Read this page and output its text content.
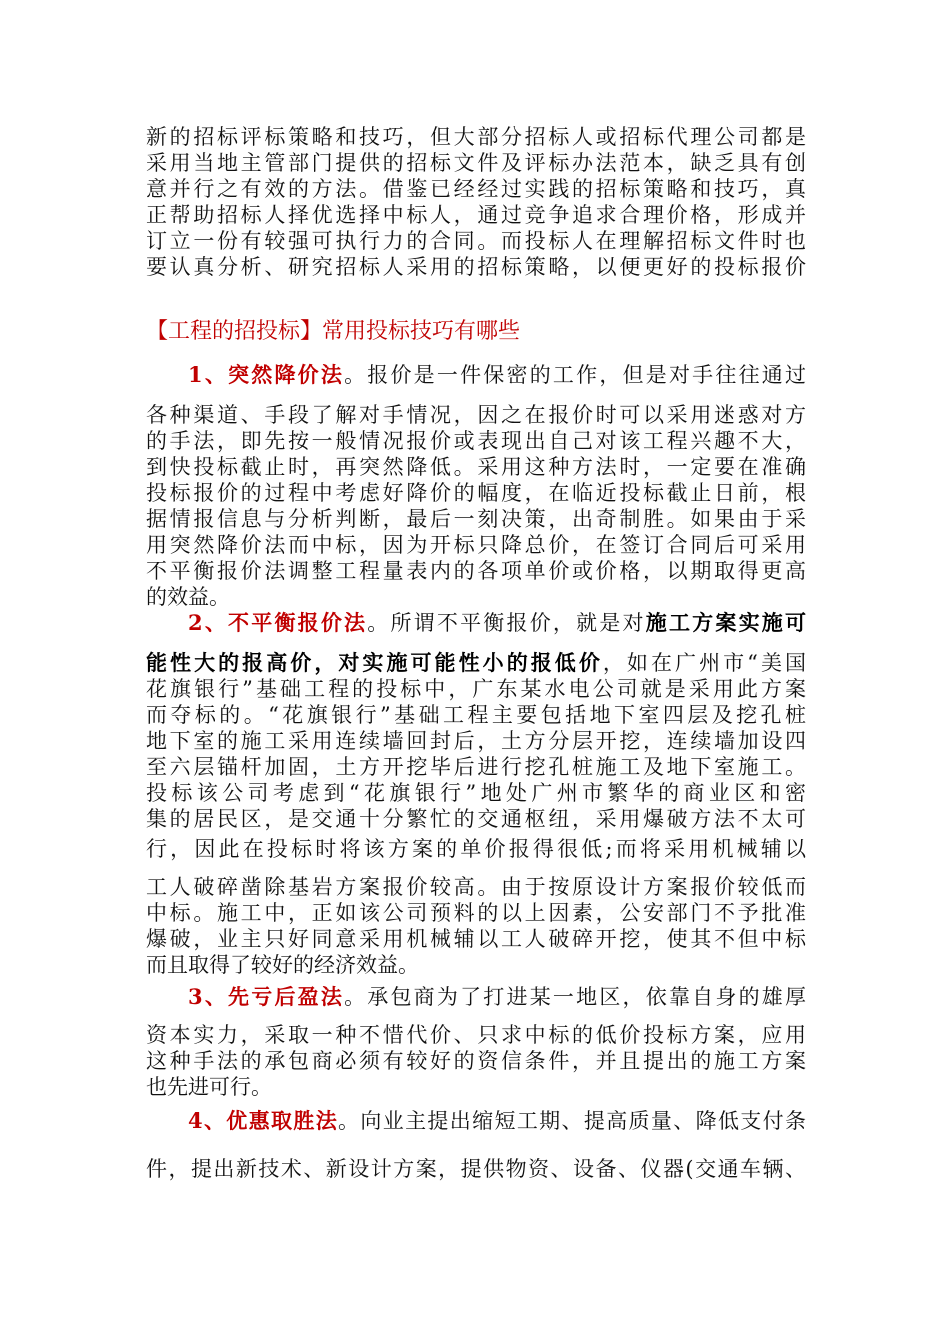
新的招标评标策略和技巧，但大部分招标人或招标代理公司都是
采用当地主管部门提供的招标文件及评标办法范本，缺乏具有创
意并行之有效的方法。借鉴已经经过实践的招标策略和技巧，真
正帮助招标人择优选择中标人，通过竞争追求合理价格，形成并
订立一份有较强可执行力的合同。而投标人在理解招标文件时也
要认真分析、研究招标人采用的招标策略，以便更好的投标报价
【工程的招投标】常用投标技巧有哪些
1、突然降价法。报价是一件保密的工作，但是对手往往通过
各种渠道、手段了解对手情况，因之在报价时可以采用迷惑对方
的手法，即先按一般情况报价或表现出自己对该工程兴趣不大，
到快投标截止时，再突然降低。采用这种方法时，一定要在准确
投标报价的过程中考虑好降价的幅度，在临近投标截止日前，根
据情报信息与分析判断，最后一刻决策，出奇制胜。如果由于采
用突然降价法而中标，因为开标只降总价，在签订合同后可采用
不平衡报价法调整工程量表内的各项单价或价格，以期取得更高
的效益。
2、不平衡报价法。所谓不平衡报价，就是对施工方案实施可
能性大的报高价，对实施可能性小的报低价，如在广州市“美国
花旗银行”基础工程的投标中，广东某水电公司就是采用此方案
而夺标的。“花旗银行”基础工程主要包括地下室四层及挖孔桩
地下室的施工采用连续墙回封后，土方分层开挖，连续墙加设四
至六层锚杆加固，土方开挖毕后进行挖孔桩施工及地下室施工。
投标该公司考虑到“花旗银行”地处广州市繁华的商业区和密
集的居民区，是交通十分繁忙的交通枢纽，采用爆破方法不太可
行，因此在投标时将该方案的单价报得很低;而将采用机械辅以
工人破碎凿除基岩方案报价较高。由于按原设计方案报价较低而
中标。施工中，正如该公司预料的以上因素，公安部门不予批准
爆破，业主只好同意采用机械辅以工人破碎开挖，使其不但中标
而且取得了较好的经济效益。
3、先亏后盈法。承包商为了打进某一地区，依靠自身的雄厚
资本实力，采取一种不惜代价、只求中标的低价投标方案，应用
这种手法的承包商必须有较好的资信条件，并且提出的施工方案
也先进可行。
4、优惠取胜法。向业主提出缩短工期、提高质量、降低支付条
件，提出新技术、新设计方案，提供物资、设备、仪器(交通车辆、
